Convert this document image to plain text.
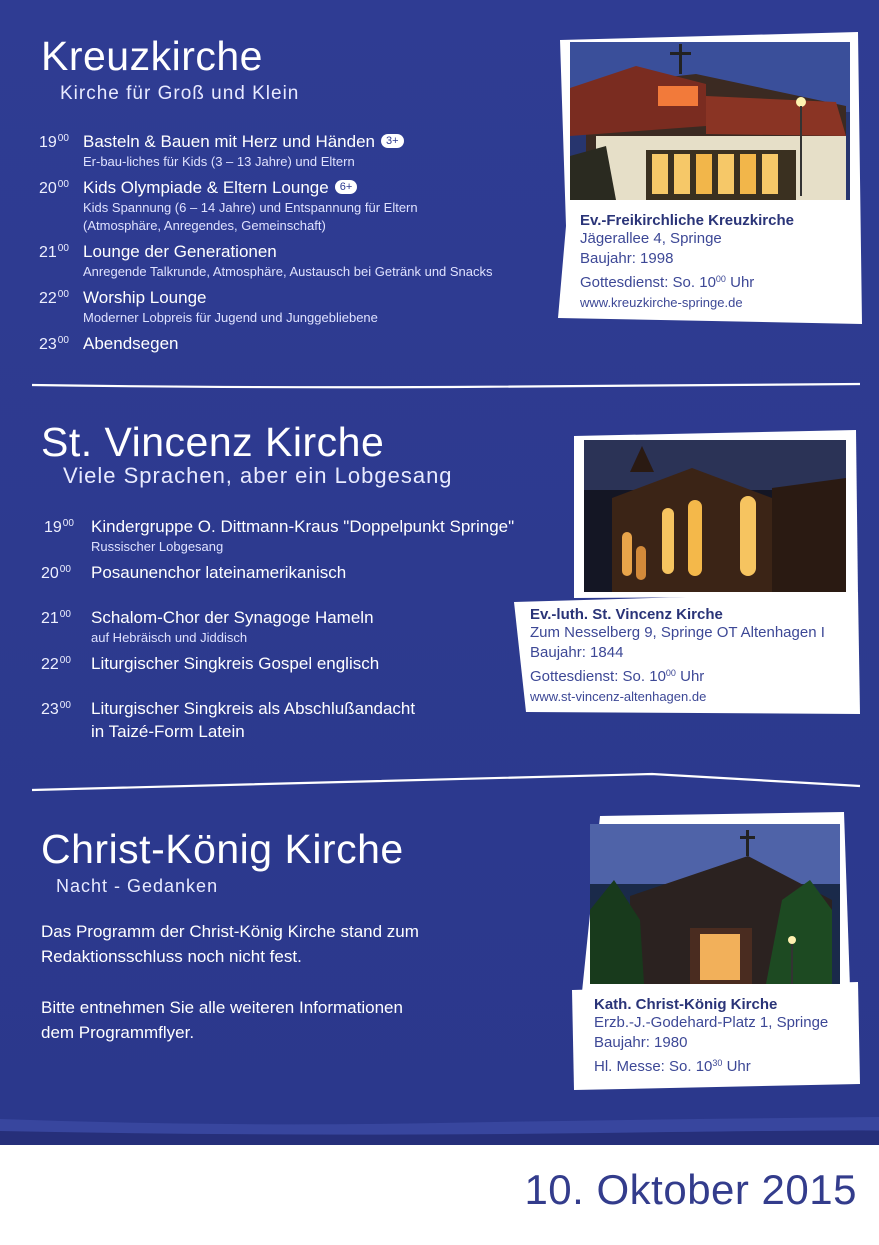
Kreuzkirche
Kirche für Groß und Klein
$19^{00}$ Basteln & Bauen mit Herz und Händen 3+
Er-bau-liches für Kids (3 – 13 Jahre) und Eltern
$20^{00}$ Kids Olympiade & Eltern Lounge 6+
Kids Spannung (6 – 14 Jahre) und Entspannung für Eltern
(Atmosphäre, Anregendes, Gemeinschaft)
$21^{00}$ Lounge der Generationen
Anregende Talkrunde, Atmosphäre, Austausch bei Getränk und Snacks
$22^{00}$ Worship Lounge
Moderner Lobpreis für Jugend und Junggebliebene
$23^{00}$ Abendsegen
Ev.-Freikirchliche Kreuzkirche
Jägerallee 4, Springe
Baujahr: 1998
Gottesdienst: So. $10^{00}$ Uhr
www.kreuzkirche-springe.de
St. Vincenz Kirche
Viele Sprachen, aber ein Lobgesang
$19^{00}$ Kindergruppe O. Dittmann-Kraus "Doppelpunkt Springe"
Russischer Lobgesang
$20^{00}$ Posaunenchor lateinamerikanisch
$21^{00}$ Schalom-Chor der Synagoge Hameln
auf Hebräisch und Jiddisch
$22^{00}$ Liturgischer Singkreis Gospel englisch
$23^{00}$ Liturgischer Singkreis als Abschlußandacht
in Taizé-Form Latein
Ev.-luth. St. Vincenz Kirche
Zum Nesselberg 9, Springe OT Altenhagen I
Baujahr: 1844
Gottesdienst: So. $10^{00}$ Uhr
www.st-vincenz-altenhagen.de
Christ-König Kirche
Nacht - Gedanken
Das Programm der Christ-König Kirche stand zum
Redaktionsschluss noch nicht fest.
Bitte entnehmen Sie alle weiteren Informationen
dem Programmflyer.
Kath. Christ-König Kirche
Erzb.-J.-Godehard-Platz 1, Springe
Baujahr: 1980
Hl. Messe: So. $10^{30}$ Uhr
10. Oktober 2015
